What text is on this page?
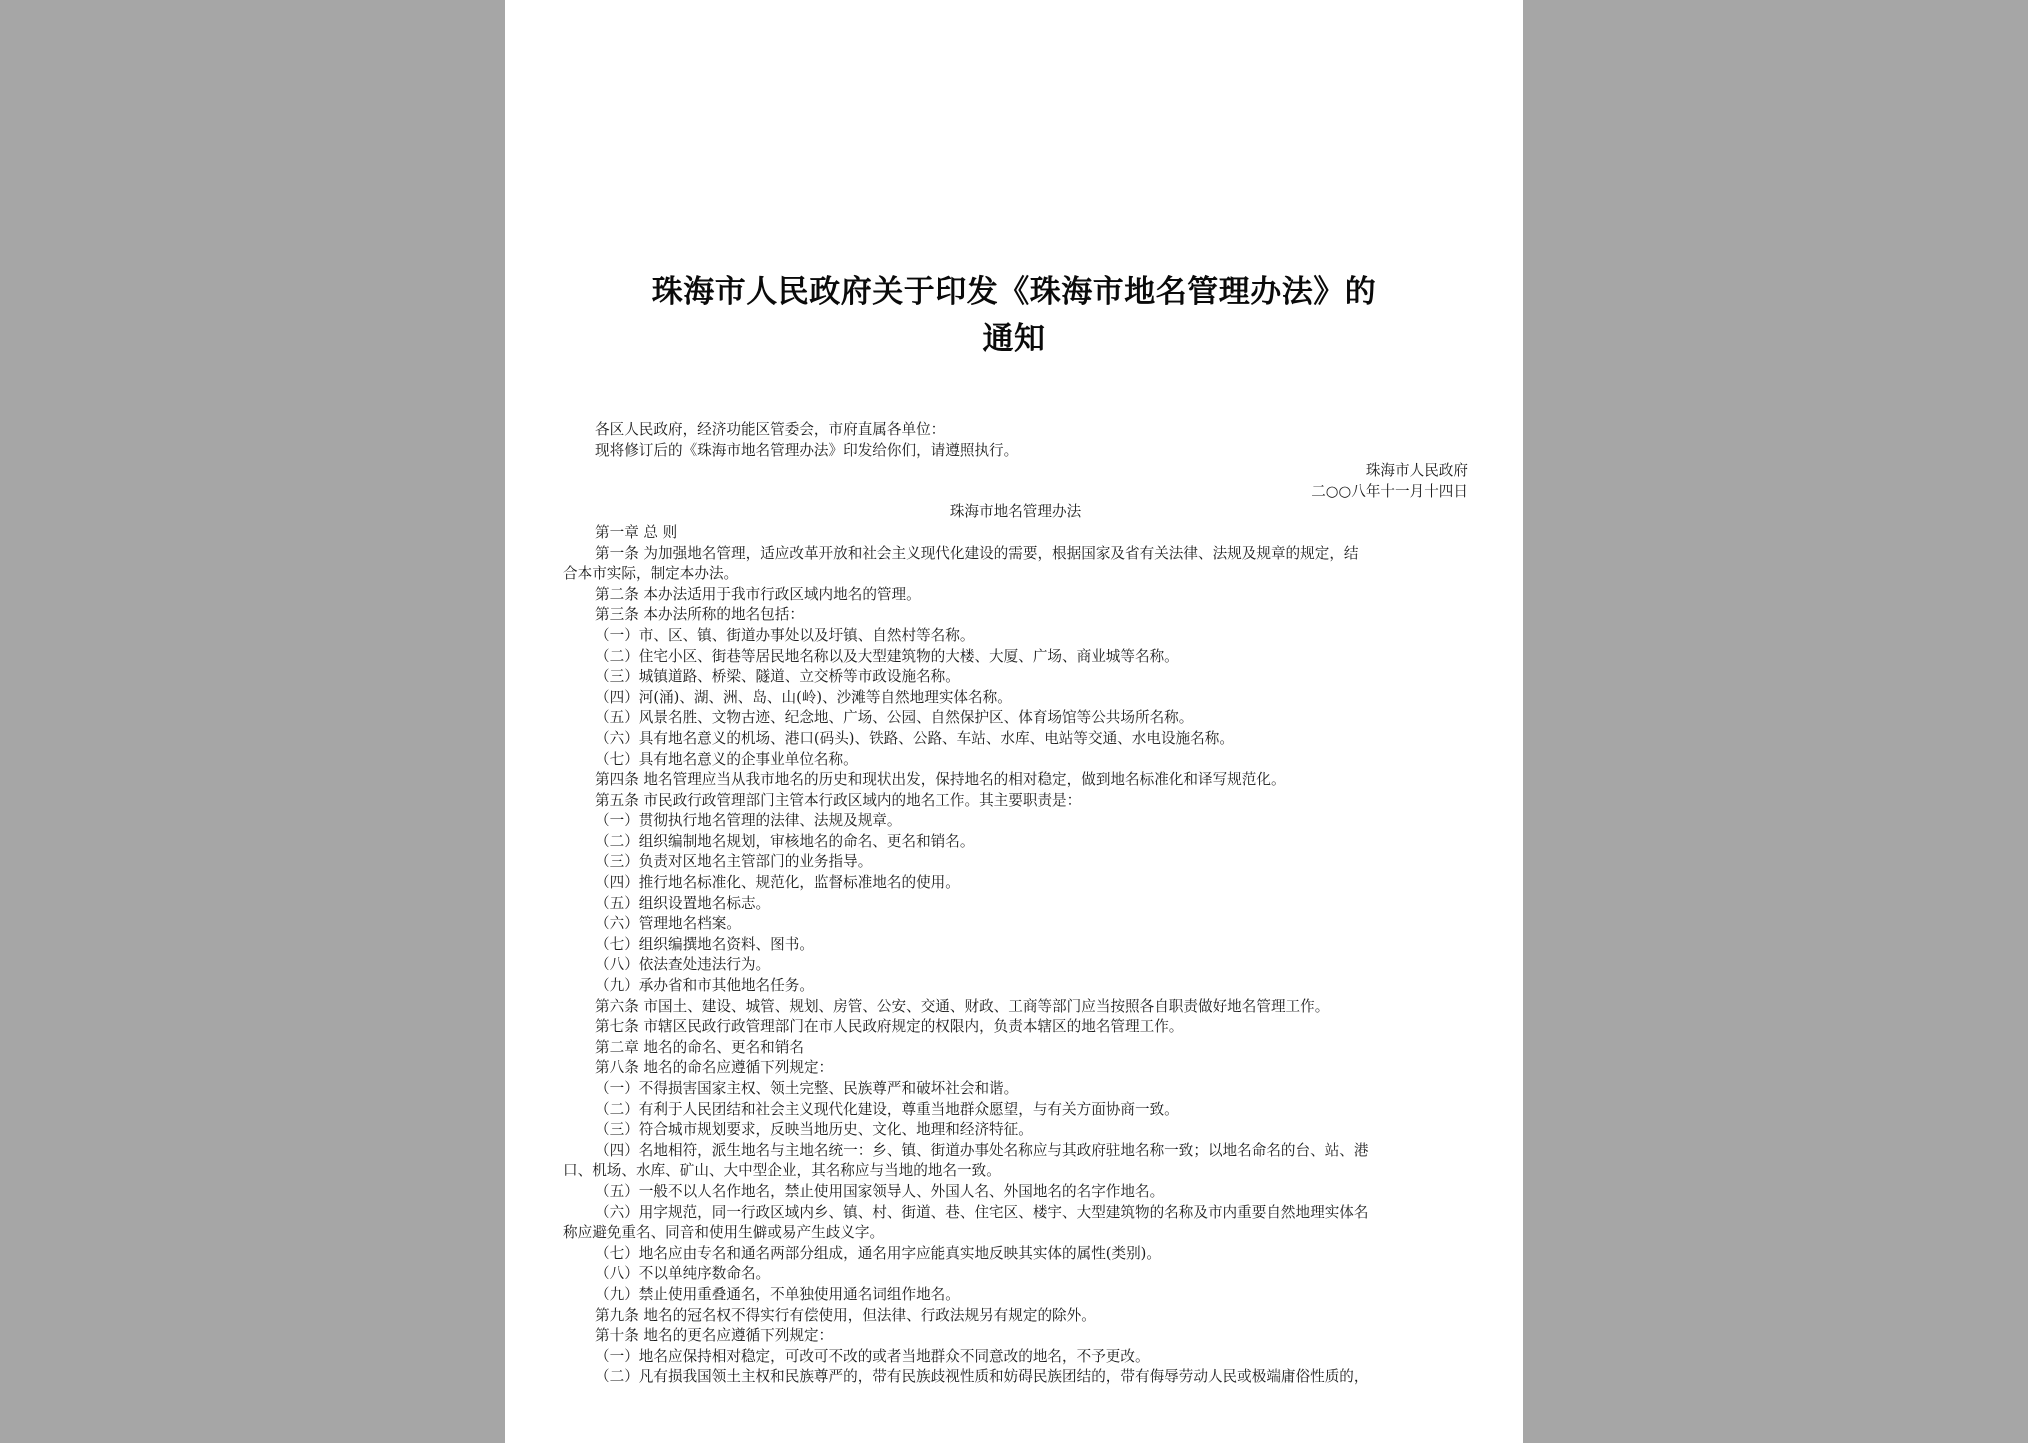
珠海市人民政府关于印发《珠海市地名管理办法》的
通知
各区人民政府，经济功能区管委会，市府直属各单位：
现将修订后的《珠海市地名管理办法》印发给你们，请遵照执行。
珠海市人民政府
二○○八年十一月十四日
珠海市地名管理办法
第一章 总 则
第一条 为加强地名管理，适应改革开放和社会主义现代化建设的需要，根据国家及省有关法律、法规及规章的规定，结
合本市实际，制定本办法。
第二条 本办法适用于我市行政区域内地名的管理。
第三条 本办法所称的地名包括：
（一）市、区、镇、街道办事处以及圩镇、自然村等名称。
（二）住宅小区、街巷等居民地名称以及大型建筑物的大楼、大厦、广场、商业城等名称。
（三）城镇道路、桥梁、隧道、立交桥等市政设施名称。
（四）河(涌)、湖、洲、岛、山(岭)、沙滩等自然地理实体名称。
（五）风景名胜、文物古迹、纪念地、广场、公园、自然保护区、体育场馆等公共场所名称。
（六）具有地名意义的机场、港口(码头)、铁路、公路、车站、水库、电站等交通、水电设施名称。
（七）具有地名意义的企事业单位名称。
第四条 地名管理应当从我市地名的历史和现状出发，保持地名的相对稳定，做到地名标准化和译写规范化。
第五条 市民政行政管理部门主管本行政区域内的地名工作。其主要职责是：
（一）贯彻执行地名管理的法律、法规及规章。
（二）组织编制地名规划，审核地名的命名、更名和销名。
（三）负责对区地名主管部门的业务指导。
（四）推行地名标准化、规范化，监督标准地名的使用。
（五）组织设置地名标志。
（六）管理地名档案。
（七）组织编撰地名资料、图书。
（八）依法查处违法行为。
（九）承办省和市其他地名任务。
第六条 市国土、建设、城管、规划、房管、公安、交通、财政、工商等部门应当按照各自职责做好地名管理工作。
第七条 市辖区民政行政管理部门在市人民政府规定的权限内，负责本辖区的地名管理工作。
第二章 地名的命名、更名和销名
第八条 地名的命名应遵循下列规定：
（一）不得损害国家主权、领土完整、民族尊严和破坏社会和谐。
（二）有利于人民团结和社会主义现代化建设，尊重当地群众愿望，与有关方面协商一致。
（三）符合城市规划要求，反映当地历史、文化、地理和经济特征。
（四）名地相符，派生地名与主地名统一：乡、镇、街道办事处名称应与其政府驻地名称一致；以地名命名的台、站、港
口、机场、水库、矿山、大中型企业，其名称应与当地的地名一致。
（五）一般不以人名作地名，禁止使用国家领导人、外国人名、外国地名的名字作地名。
（六）用字规范，同一行政区域内乡、镇、村、街道、巷、住宅区、楼宇、大型建筑物的名称及市内重要自然地理实体名
称应避免重名、同音和使用生僻或易产生歧义字。
（七）地名应由专名和通名两部分组成，通名用字应能真实地反映其实体的属性(类别)。
（八）不以单纯序数命名。
（九）禁止使用重叠通名，不单独使用通名词组作地名。
第九条 地名的冠名权不得实行有偿使用，但法律、行政法规另有规定的除外。
第十条 地名的更名应遵循下列规定：
（一）地名应保持相对稳定，可改可不改的或者当地群众不同意改的地名，不予更改。
（二）凡有损我国领土主权和民族尊严的，带有民族歧视性质和妨碍民族团结的，带有侮辱劳动人民或极端庸俗性质的，
